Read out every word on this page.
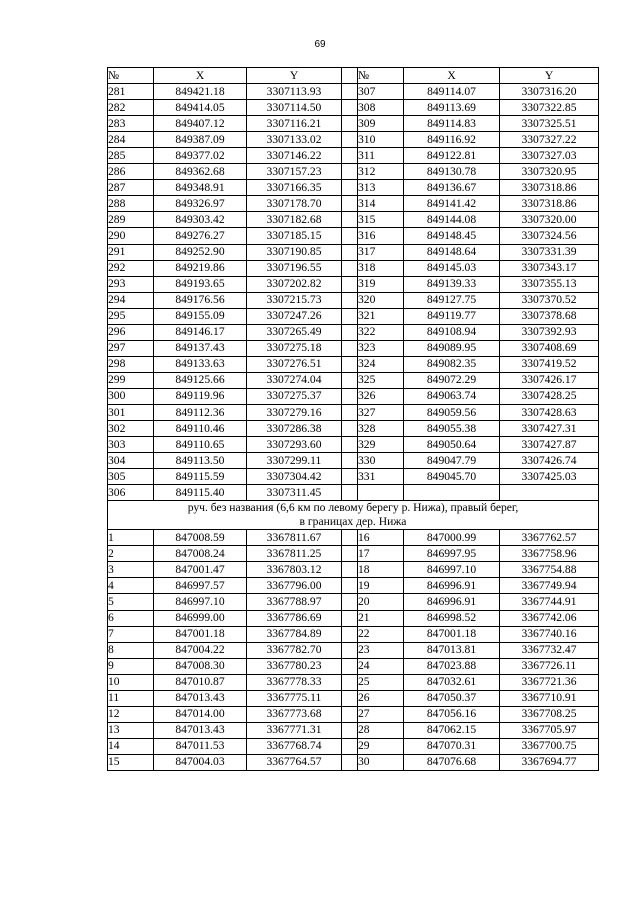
69
№	X	Y		№	X	Y
281	849421.18	3307113.93		307	849114.07	3307316.20
282	849414.05	3307114.50		308	849113.69	3307322.85
283	849407.12	3307116.21		309	849114.83	3307325.51
284	849387.09	3307133.02		310	849116.92	3307327.22
285	849377.02	3307146.22		311	849122.81	3307327.03
286	849362.68	3307157.23		312	849130.78	3307320.95
287	849348.91	3307166.35		313	849136.67	3307318.86
288	849326.97	3307178.70		314	849141.42	3307318.86
289	849303.42	3307182.68		315	849144.08	3307320.00
290	849276.27	3307185.15		316	849148.45	3307324.56
291	849252.90	3307190.85		317	849148.64	3307331.39
292	849219.86	3307196.55		318	849145.03	3307343.17
293	849193.65	3307202.82		319	849139.33	3307355.13
294	849176.56	3307215.73		320	849127.75	3307370.52
295	849155.09	3307247.26		321	849119.77	3307378.68
296	849146.17	3307265.49		322	849108.94	3307392.93
297	849137.43	3307275.18		323	849089.95	3307408.69
298	849133.63	3307276.51		324	849082.35	3307419.52
299	849125.66	3307274.04		325	849072.29	3307426.17
300	849119.96	3307275.37		326	849063.74	3307428.25
301	849112.36	3307279.16		327	849059.56	3307428.63
302	849110.46	3307286.38		328	849055.38	3307427.31
303	849110.65	3307293.60		329	849050.64	3307427.87
304	849113.50	3307299.11		330	849047.79	3307426.74
305	849115.59	3307304.42		331	849045.70	3307425.03
306	849115.40	3307311.45				
руч. без названия (6,6 км по левому берегу р. Нижа), правый берег,
в границах дер. Нижа						
1	847008.59	3367811.67		16	847000.99	3367762.57
2	847008.24	3367811.25		17	846997.95	3367758.96
3	847001.47	3367803.12		18	846997.10	3367754.88
4	846997.57	3367796.00		19	846996.91	3367749.94
5	846997.10	3367788.97		20	846996.91	3367744.91
6	846999.00	3367786.69		21	846998.52	3367742.06
7	847001.18	3367784.89		22	847001.18	3367740.16
8	847004.22	3367782.70		23	847013.81	3367732.47
9	847008.30	3367780.23		24	847023.88	3367726.11
10	847010.87	3367778.33		25	847032.61	3367721.36
11	847013.43	3367775.11		26	847050.37	3367710.91
12	847014.00	3367773.68		27	847056.16	3367708.25
13	847013.43	3367771.31		28	847062.15	3367705.97
14	847011.53	3367768.74		29	847070.31	3367700.75
15	847004.03	3367764.57		30	847076.68	3367694.77
